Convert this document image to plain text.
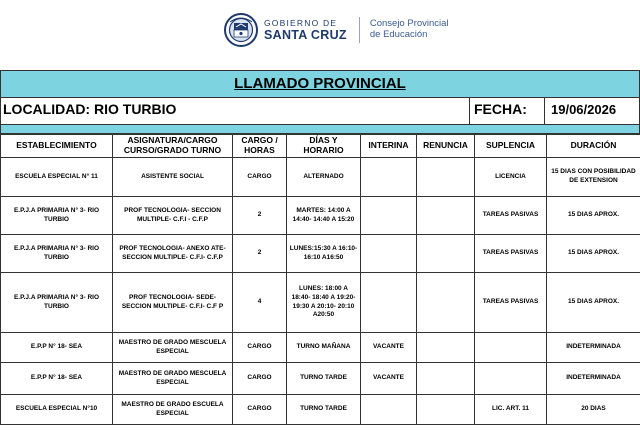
GOBIERNO DE
SANTA CRUZ
Consejo Provincial
de Educación
LLAMADO PROVINCIAL
LOCALIDAD: RIO TURBIO	FECHA: 19/06/2026
ESTABLECIMIENTO	ASIGNATURA/CARGO CURSO/GRADO TURNO	CARGO / HORAS	DÍAS Y HORARIO	INTERINA	RENUNCIA	SUPLENCIA	DURACIÓN
ESCUELA ESPECIAL N° 11	ASISTENTE SOCIAL	CARGO	ALTERNADO			LICENCIA	15 DIAS CON POSIBILIDAD DE EXTENSION
E.P.J.A PRIMARIA N° 3- RIO TURBIO	PROF TECNOLOGIA- SECCION MULTIPLE- C.F.I - C.F.P	2	MARTES: 14:00 A 14:40- 14:40 A 15:20			TAREAS PASIVAS	15 DIAS APROX.
E.P.J.A PRIMARIA N° 3- RIO TURBIO	PROF TECNOLOGIA- ANEXO ATE- SECCION MULTIPLE- C.F.I- C.F.P	2	LUNES:15:30 A 16:10- 16:10 A16:50			TAREAS PASIVAS	15 DIAS APROX.
E.P.J.A PRIMARIA N° 3- RIO TURBIO	PROF TECNOLOGIA- SEDE- SECCION MULTIPLE- C.F.I- C.F P	4	LUNES: 18:00 A 18:40- 18:40 A 19:20- 19:30 A 20:10- 20:10 A20:50			TAREAS PASIVAS	15 DIAS APROX.
E.P.P N° 18- SEA	MAESTRO DE GRADO MESCUELA ESPECIAL	CARGO	TURNO MAÑANA	VACANTE			INDETERMINADA
E.P.P N° 18- SEA	MAESTRO DE GRADO MESCUELA ESPECIAL	CARGO	TURNO TARDE	VACANTE			INDETERMINADA
ESCUELA ESPECIAL N°10	MAESTRO DE GRADO ESCUELA ESPECIAL	CARGO	TURNO TARDE			LIC. ART. 11	20 DIAS
